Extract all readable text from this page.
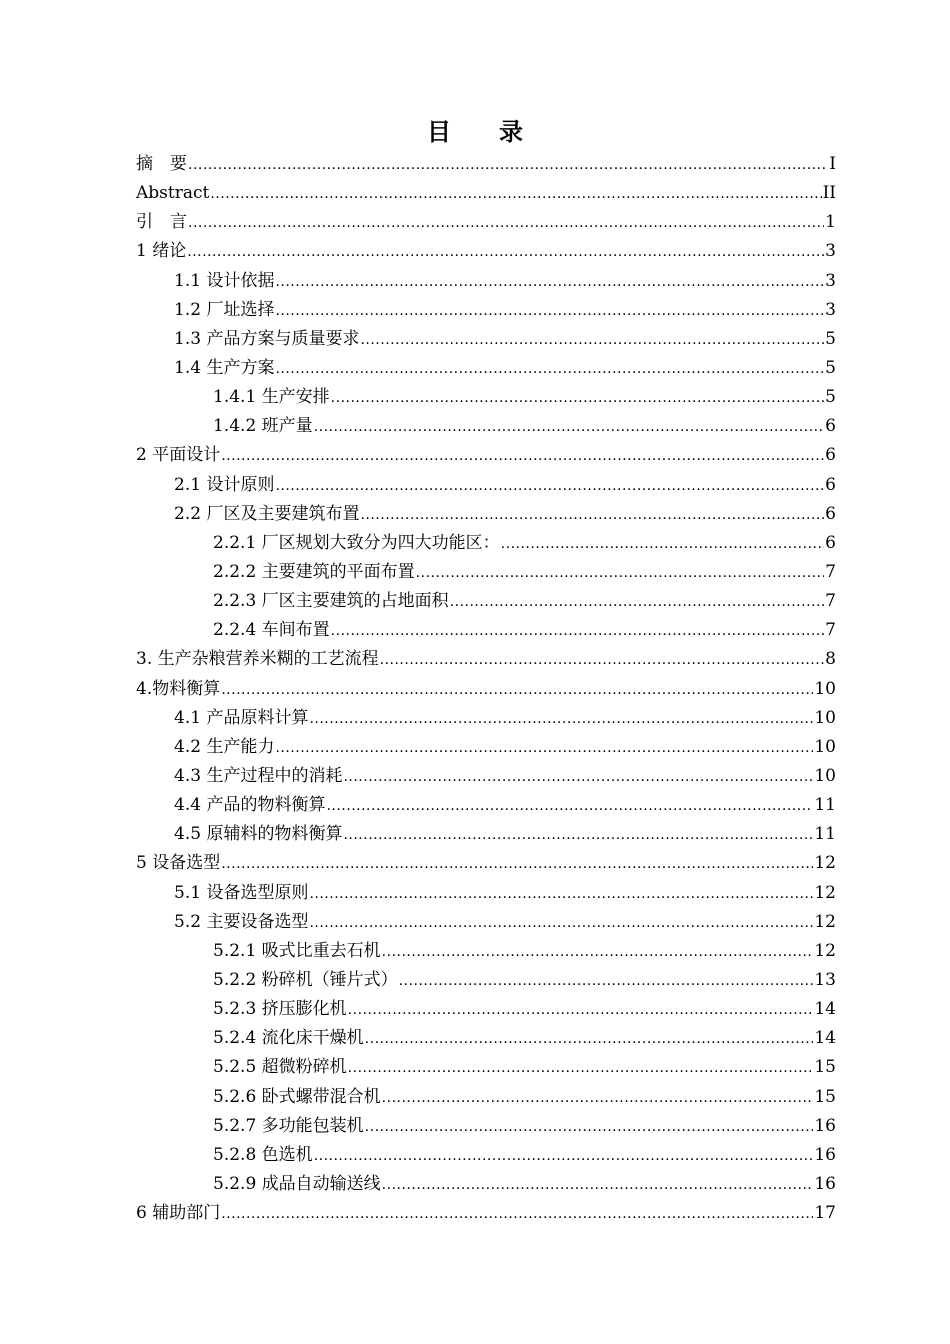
目　　录
摘　要 .....	I
Abstract .....	II
引　言 .....	1
1 绪论 .....	3
1.1 设计依据 .....	3
1.2 厂址选择 .....	3
1.3 产品方案与质量要求 .....	5
1.4 生产方案 .....	5
1.4.1 生产安排 .....	5
1.4.2 班产量 .....	6
2 平面设计 .....	6
2.1 设计原则 .....	6
2.2 厂区及主要建筑布置 .....	6
2.2.1 厂区规划大致分为四大功能区： .....	6
2.2.2 主要建筑的平面布置 .....	7
2.2.3 厂区主要建筑的占地面积 .....	7
2.2.4 车间布置 .....	7
3. 生产杂粮营养米糊的工艺流程 .....	8
4.物料衡算 .....	10
4.1 产品原料计算 .....	10
4.2 生产能力 .....	10
4.3 生产过程中的消耗 .....	10
4.4 产品的物料衡算 .....	11
4.5 原辅料的物料衡算 .....	11
5 设备选型 .....	12
5.1 设备选型原则 .....	12
5.2 主要设备选型 .....	12
5.2.1 吸式比重去石机 .....	12
5.2.2 粉碎机（锤片式） .....	13
5.2.3 挤压膨化机 .....	14
5.2.4 流化床干燥机 .....	14
5.2.5 超微粉碎机 .....	15
5.2.6 卧式螺带混合机 .....	15
5.2.7 多功能包装机 .....	16
5.2.8 色选机 .....	16
5.2.9 成品自动输送线 .....	16
6 辅助部门 .....	17
